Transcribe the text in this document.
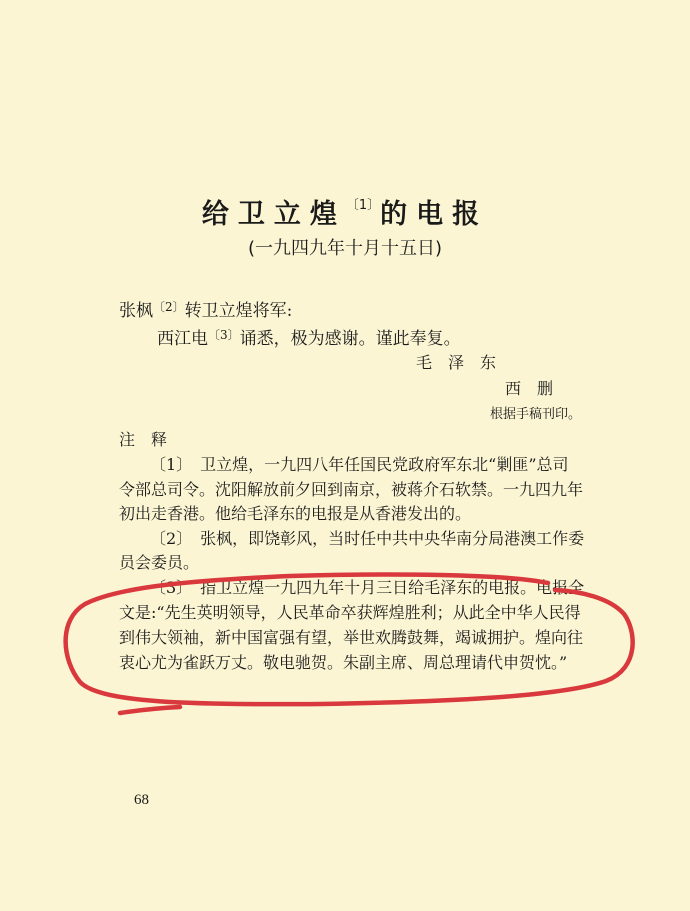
给卫立煌$^{〔1〕}$的电报
(一九四九年十月十五日)
张枫$^{〔2〕}$转卫立煌将军:
西江电$^{〔3〕}$诵悉，极为感谢。谨此奉复。
毛　泽　东
西　删
根据手稿刊印。
注　释
〔1〕　卫立煌，一九四八年任国民党政府军东北“剿匪”总司
令部总司令。沈阳解放前夕回到南京，被蒋介石软禁。一九四九年
初出走香港。他给毛泽东的电报是从香港发出的。
〔2〕　张枫，即饶彰风，当时任中共中央华南分局港澳工作委
员会委员。
〔3〕　指卫立煌一九四九年十月三日给毛泽东的电报。电报全
文是:“先生英明领导，人民革命卒获辉煌胜利；从此全中华人民得
到伟大领袖，新中国富强有望，举世欢腾鼓舞，竭诚拥护。煌向往
衷心尤为雀跃万丈。敬电驰贺。朱副主席、周总理请代申贺忱。”
68
